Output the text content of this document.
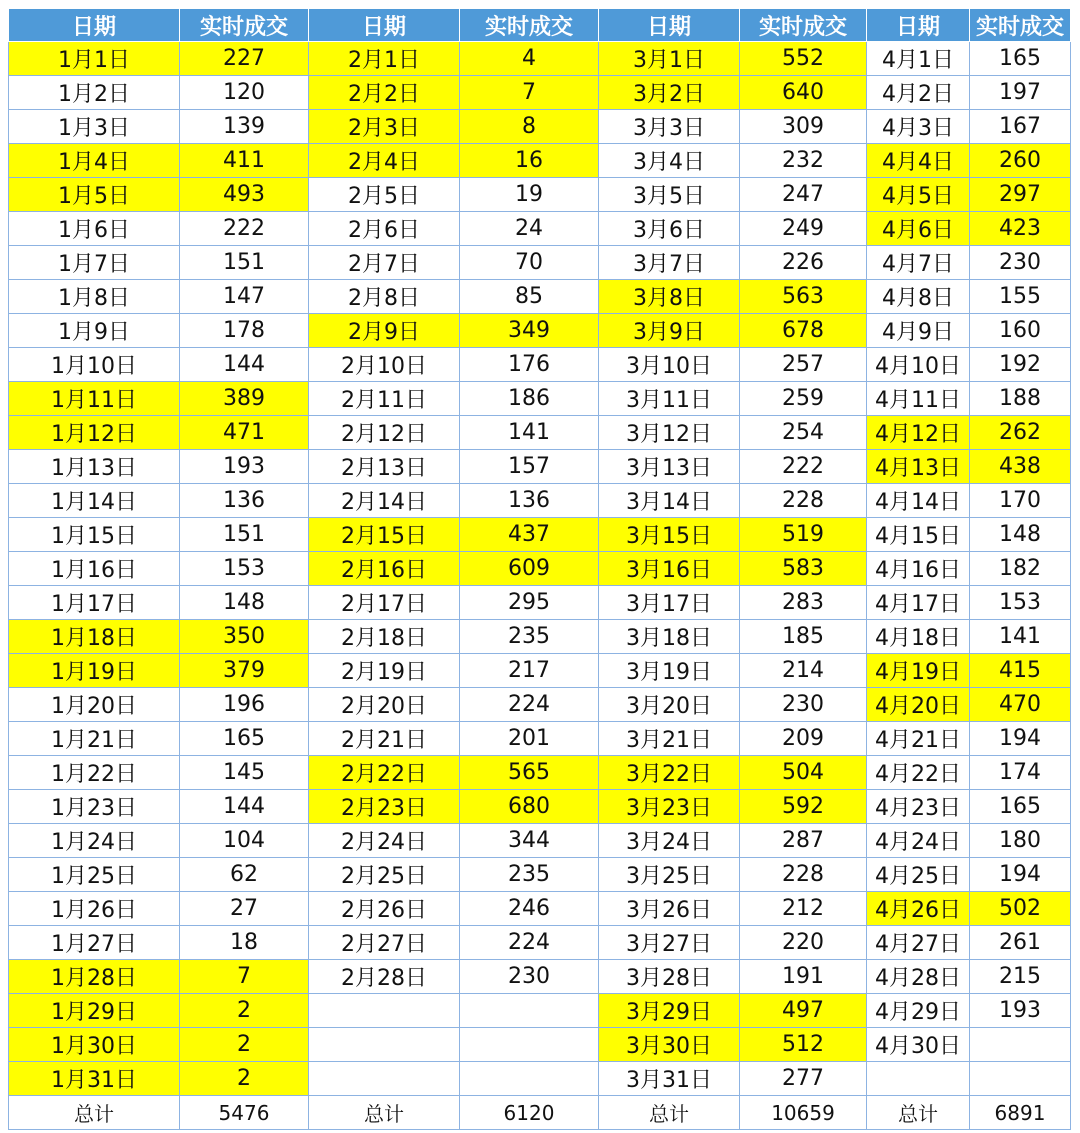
日期	实时成交	日期	实时成交	日期	实时成交	日期	实时成交
1月1日	227	2月1日	4	3月1日	552	4月1日	165
1月2日	120	2月2日	7	3月2日	640	4月2日	197
1月3日	139	2月3日	8	3月3日	309	4月3日	167
1月4日	411	2月4日	16	3月4日	232	4月4日	260
1月5日	493	2月5日	19	3月5日	247	4月5日	297
1月6日	222	2月6日	24	3月6日	249	4月6日	423
1月7日	151	2月7日	70	3月7日	226	4月7日	230
1月8日	147	2月8日	85	3月8日	563	4月8日	155
1月9日	178	2月9日	349	3月9日	678	4月9日	160
1月10日	144	2月10日	176	3月10日	257	4月10日	192
1月11日	389	2月11日	186	3月11日	259	4月11日	188
1月12日	471	2月12日	141	3月12日	254	4月12日	262
1月13日	193	2月13日	157	3月13日	222	4月13日	438
1月14日	136	2月14日	136	3月14日	228	4月14日	170
1月15日	151	2月15日	437	3月15日	519	4月15日	148
1月16日	153	2月16日	609	3月16日	583	4月16日	182
1月17日	148	2月17日	295	3月17日	283	4月17日	153
1月18日	350	2月18日	235	3月18日	185	4月18日	141
1月19日	379	2月19日	217	3月19日	214	4月19日	415
1月20日	196	2月20日	224	3月20日	230	4月20日	470
1月21日	165	2月21日	201	3月21日	209	4月21日	194
1月22日	145	2月22日	565	3月22日	504	4月22日	174
1月23日	144	2月23日	680	3月23日	592	4月23日	165
1月24日	104	2月24日	344	3月24日	287	4月24日	180
1月25日	62	2月25日	235	3月25日	228	4月25日	194
1月26日	27	2月26日	246	3月26日	212	4月26日	502
1月27日	18	2月27日	224	3月27日	220	4月27日	261
1月28日	7	2月28日	230	3月28日	191	4月28日	215
1月29日	2			3月29日	497	4月29日	193
1月30日	2			3月30日	512	4月30日	
1月31日	2			3月31日	277		
总计	5476	总计	6120	总计	10659	总计	6891
